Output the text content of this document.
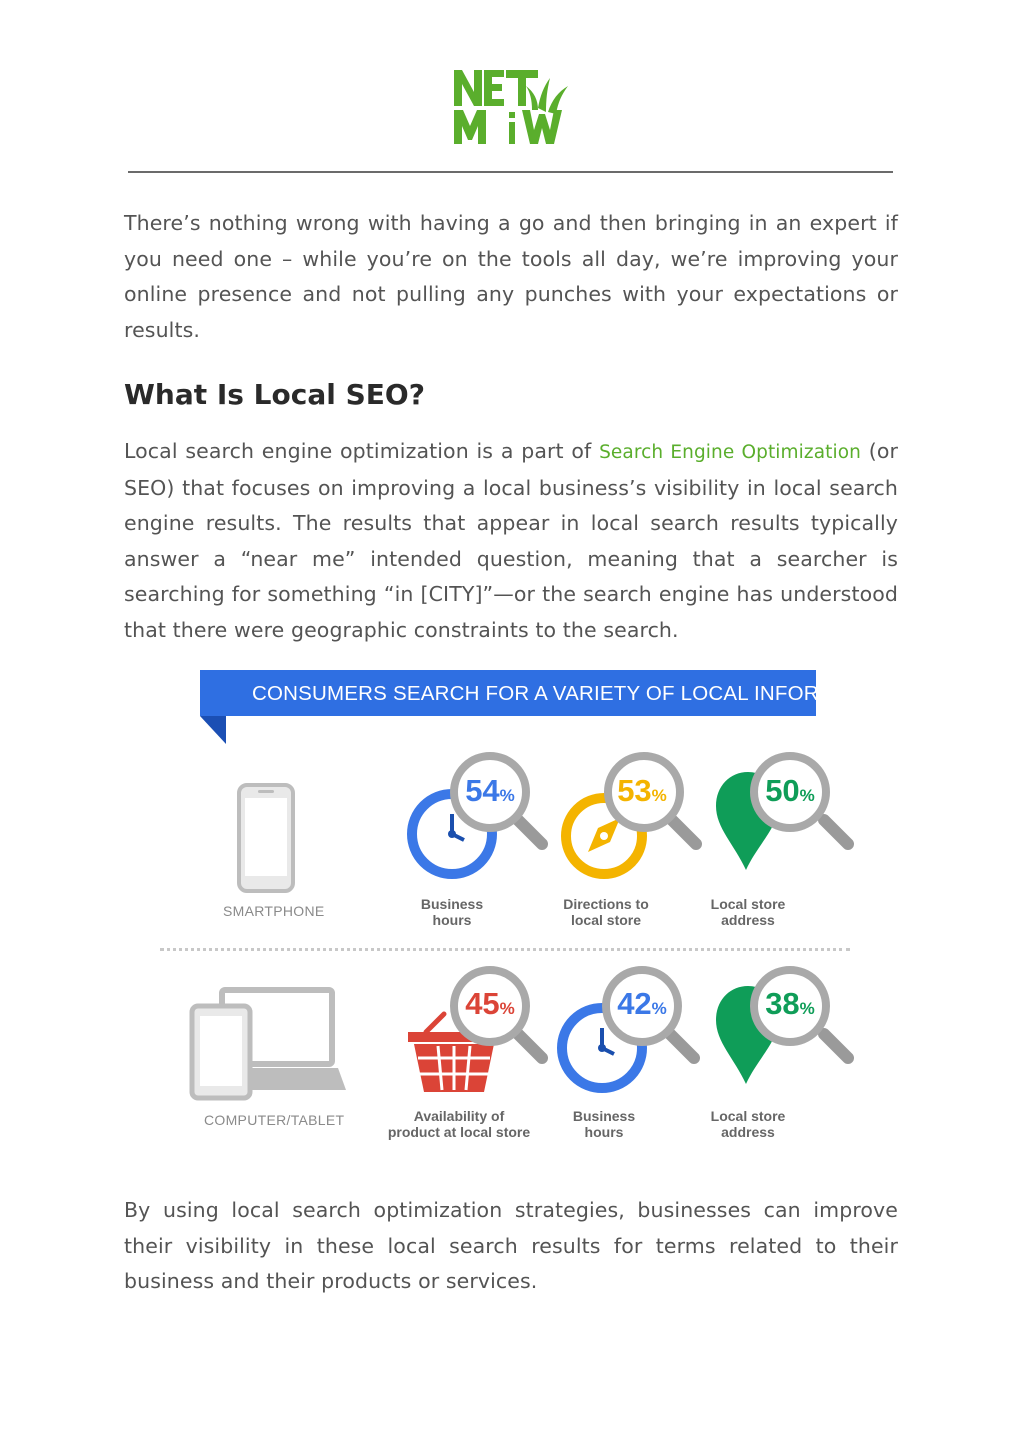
There’s nothing wrong with having a go and then bringing in an expert if you need one – while you’re on the tools all day, we’re improving your online presence and not pulling any punches with your expectations or results.

What Is Local SEO?

Local search engine optimization is a part of Search Engine Optimization (or SEO) that focuses on improving a local business’s visibility in local search engine results. The results that appear in local search results typically answer a “near me” intended question, meaning that a searcher is searching for something “in [CITY]”—or the search engine has understood that there were geographic constraints to the search.

CONSUMERS SEARCH FOR A VARIETY OF LOCAL INFORMATION
SMARTPHONE
54%
Business
hours
53%
Directions to
local store
50%
Local store
address
COMPUTER/TABLET
45%
Availability of
product at local store
42%
Business
hours
38%
Local store
address

By using local search optimization strategies, businesses can improve their visibility in these local search results for terms related to their business and their products or services.
